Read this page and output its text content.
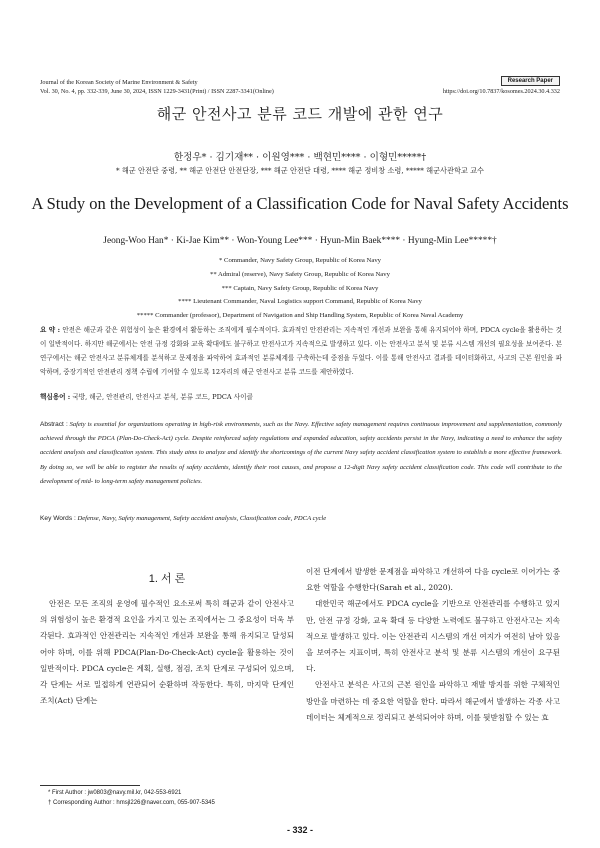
Journal of the Korean Society of Marine Environment & Safety
Vol. 30, No. 4, pp. 332-339, June 30, 2024, ISSN 1229-3431(Print) / ISSN 2287-3341(Online)
Research Paper
https://doi.org/10.7837/kosomes.2024.30.4.332
해군 안전사고 분류 코드 개발에 관한 연구
한정우* · 김기재** · 이원영*** · 백현민**** · 이형민*****†
* 해군 안전단 중령, ** 해군 안전단 안전단장, *** 해군 안전단 대령, **** 해군 정비창 소령, ***** 해군사관학교 교수
A Study on the Development of a Classification Code for Naval Safety Accidents
Jeong-Woo Han* · Ki-Jae Kim** · Won-Young Lee*** · Hyun-Min Baek**** · Hyung-Min Lee*****†
* Commander, Navy Safety Group, Republic of Korea Navy
** Admiral (reserve), Navy Safety Group, Republic of Korea Navy
*** Captain, Navy Safety Group, Republic of Korea Navy
**** Lieutenant Commander, Naval Logistics support Command, Republic of Korea Navy
***** Commander (professor), Department of Navigation and Ship Handling System, Republic of Korea Naval Academy
요 약 : 안전은 해군과 같은 위험성이 높은 환경에서 활동하는 조직에게 필수적이다. 효과적인 안전관리는 지속적인 개선과 보완을 통해 유지되어야 하며, PDCA cycle을 활용하는 것이 일반적이다. 하지만 해군에서는 안전 규정 강화와 교육 확대에도 불구하고 안전사고가 지속적으로 발생하고 있다. 이는 안전사고 분석 및 분류 시스템 개선의 필요성을 보여준다. 본 연구에서는 해군 안전사고 분류체계를 분석하고 문제점을 파악하여 효과적인 분류체계를 구축하는데 중점을 두었다. 이를 통해 안전사고 결과를 데이터화하고, 사고의 근본 원인을 파악하며, 중장기적인 안전관리 정책 수립에 기여할 수 있도록 12자리의 해군 안전사고 분류 코드를 제안하였다.
핵심용어 : 국방, 해군, 안전관리, 안전사고 분석, 분류 코드, PDCA 사이클
Abstract : Safety is essential for organizations operating in high-risk environments, such as the Navy. Effective safety management requires continuous improvement and supplementation, commonly achieved through the PDCA (Plan-Do-Check-Act) cycle. Despite reinforced safety regulations and expanded education, safety accidents persist in the Navy, indicating a need to enhance the safety accident analysis and classification system. This study aims to analyze and identify the shortcomings of the current Navy safety accident classification system to establish a more effective framework. By doing so, we will be able to register the results of safety accidents, identify their root causes, and propose a 12-digit Navy safety accident classification code. This code will contribute to the development of mid- to long-term safety management policies.
Key Words : Defense, Navy, Safety management, Safety accident analysis, Classification code, PDCA cycle
1. 서 론

안전은 모든 조직의 운영에 필수적인 요소로써 특히 해군과 같이 안전사고의 위험성이 높은 환경적 요인을 가지고 있는 조직에서는 그 중요성이 더욱 부각된다. 효과적인 안전관리는 지속적인 개선과 보완을 통해 유지되고 달성되어야 하며, 이를 위해 PDCA(Plan-Do-Check-Act) cycle을 활용하는 것이 일반적이다. PDCA cycle은 계획, 실행, 점검, 조치 단계로 구성되어 있으며, 각 단계는 서로 밀접하게 연관되어 순환하며 작동한다. 특히, 마지막 단계인 조치(Act) 단계는

이전 단계에서 발생한 문제점을 파악하고 개선하여 다음 cycle로 이어가는 중요한 역할을 수행한다(Sarah et al., 2020).

대한민국 해군에서도 PDCA cycle을 기반으로 안전관리를 수행하고 있지만, 안전 규정 강화, 교육 확대 등 다양한 노력에도 불구하고 안전사고는 지속적으로 발생하고 있다. 이는 안전관리 시스템의 개선 여지가 여전히 남아 있음을 보여주는 지표이며, 특히 안전사고 분석 및 분류 시스템의 개선이 요구된다.

안전사고 분석은 사고의 근본 원인을 파악하고 재발 방지를 위한 구체적인 방안을 마련하는 데 중요한 역할을 한다. 따라서 해군에서 발생하는 각종 사고 데이터는 체계적으로 정리되고 분석되어야 하며, 이를 뒷받침할 수 있는 효

* First Author : jw0803@navy.mil.kr, 042-553-6921
† Corresponding Author : hmsjl226@naver.com, 055-907-5345
- 332 -
